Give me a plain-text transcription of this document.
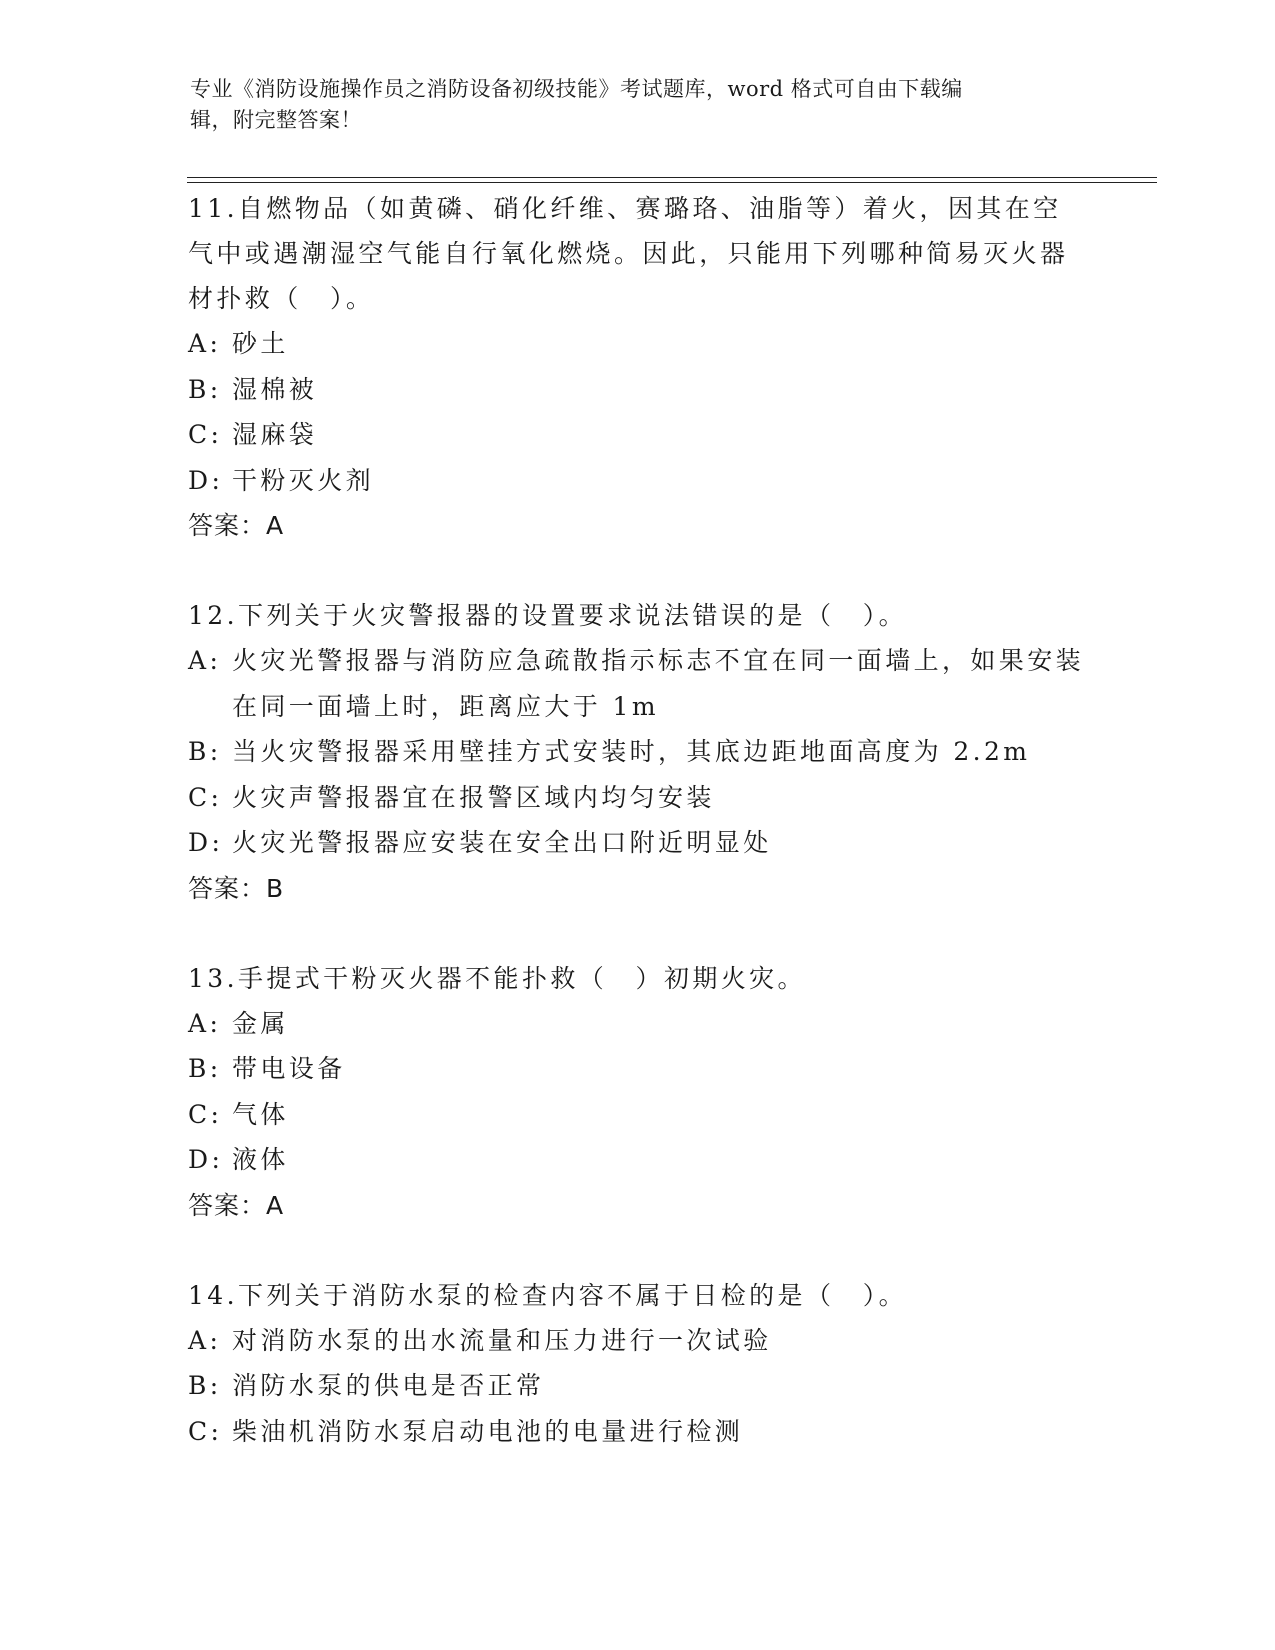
专业《消防设施操作员之消防设备初级技能》考试题库，word 格式可自由下载编
辑，附完整答案！
11.自燃物品（如黄磷、硝化纤维、赛璐珞、油脂等）着火，因其在空气中或遇潮湿空气能自行氧化燃烧。因此，只能用下列哪种简易灭火器材扑救（　）。
A: 砂土
B: 湿棉被
C: 湿麻袋
D: 干粉灭火剂
答案：A
12.下列关于火灾警报器的设置要求说法错误的是（　）。
A: 火灾光警报器与消防应急疏散指示标志不宜在同一面墙上，如果安装在同一面墙上时，距离应大于 1m
B: 当火灾警报器采用壁挂方式安装时，其底边距地面高度为 2.2m
C: 火灾声警报器宜在报警区域内均匀安装
D: 火灾光警报器应安装在安全出口附近明显处
答案：B
13.手提式干粉灭火器不能扑救（　）初期火灾。
A: 金属
B: 带电设备
C: 气体
D: 液体
答案：A
14.下列关于消防水泵的检查内容不属于日检的是（　）。
A: 对消防水泵的出水流量和压力进行一次试验
B: 消防水泵的供电是否正常
C: 柴油机消防水泵启动电池的电量进行检测
